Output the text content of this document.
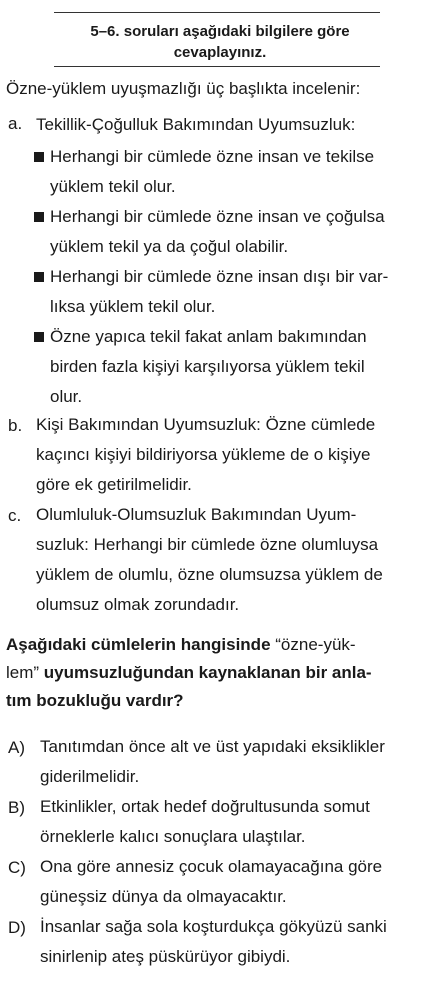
5–6. soruları aşağıdaki bilgilere göre
cevaplayınız.
Özne-yüklem uyuşmazlığı üç başlıkta incelenir:
a. Tekillik-Çoğulluk Bakımından Uyumsuzluk:
Herhangi bir cümlede özne insan ve tekilse
yüklem tekil olur.
Herhangi bir cümlede özne insan ve çoğulsa
yüklem tekil ya da çoğul olabilir.
Herhangi bir cümlede özne insan dışı bir var-
lıksa yüklem tekil olur.
Özne yapıca tekil fakat anlam bakımından
birden fazla kişiyi karşılıyorsa yüklem tekil
olur.
b. Kişi Bakımından Uyumsuzluk: Özne cümlede
kaçıncı kişiyi bildiriyorsa yükleme de o kişiye
göre ek getirilmelidir.
c. Olumluluk-Olumsuzluk Bakımından Uyum-
suzluk: Herhangi bir cümlede özne olumluysa
yüklem de olumlu, özne olumsuzsa yüklem de
olumsuz olmak zorundadır.
Aşağıdaki cümlelerin hangisinde “özne-yük-
lem” uyumsuzluğundan kaynaklanan bir anla-
tım bozukluğu vardır?
A) Tanıtımdan önce alt ve üst yapıdaki eksiklikler
giderilmelidir.
B) Etkinlikler, ortak hedef doğrultusunda somut
örneklerle kalıcı sonuçlara ulaştılar.
C) Ona göre annesiz çocuk olamayacağına göre
güneşsiz dünya da olmayacaktır.
D) İnsanlar sağa sola koşturdukça gökyüzü sanki
sinirlenip ateş püskürüyor gibiydi.
